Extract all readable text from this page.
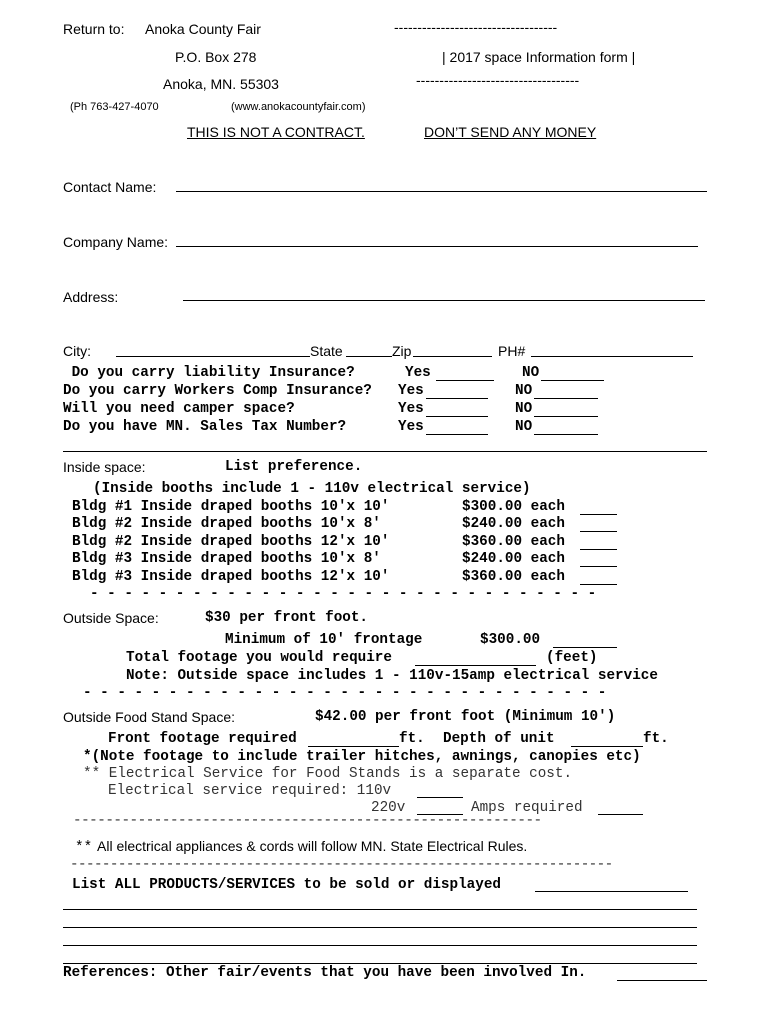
Return to: Anoka County Fair
P.O. Box 278
Anoka, MN. 55303
(Ph 763-427-4070	(www.anokacountyfair.com)
-----------------------------------
| 2017 space Information form |
-----------------------------------
THIS IS NOT A CONTRACT.	DON’T SEND ANY MONEY
Contact Name:
Company Name:
Address:
City:	State	Zip	PH#
Do you carry liability Insurance?	Yes	NO
Do you carry Workers Comp Insurance? Yes	NO
Will you need camper space?	Yes	NO
Do you have MN. Sales Tax Number?	Yes	NO
Inside space:	List preference.
(Inside booths include 1 - 110v electrical service)
Bldg #1 Inside draped booths 10'x 10'	$300.00 each
Bldg #2 Inside draped booths 10'x 8'	$240.00 each
Bldg #2 Inside draped booths 12'x 10'	$360.00 each
Bldg #3 Inside draped booths 10'x 8'	$240.00 each
Bldg #3 Inside draped booths 12'x 10'	$360.00 each
- - - - - - - - - - - - - - - - - - - - - - - - - - - - - -
Outside Space:	$30 per front foot.
Minimum of 10' frontage	$300.00
Total footage you would require	(feet)
Note: Outside space includes 1 - 110v-15amp electrical service
- - - - - - - - - - - - - - - - - - - - - - - - - - - - - - -
Outside Food Stand Space:	$42.00 per front foot (Minimum 10')
Front footage required	ft. Depth of unit	ft.
*(Note footage to include trailer hitches, awnings, canopies etc)
** Electrical Service for Food Stands is a separate cost.
Electrical service required: 110v
220v	Amps required
----------------------------------------------------------
** All electrical appliances & cords will follow MN. State Electrical Rules.
--------------------------------------------------------------------
List ALL PRODUCTS/SERVICES to be sold or displayed
References: Other fair/events that you have been involved In.
